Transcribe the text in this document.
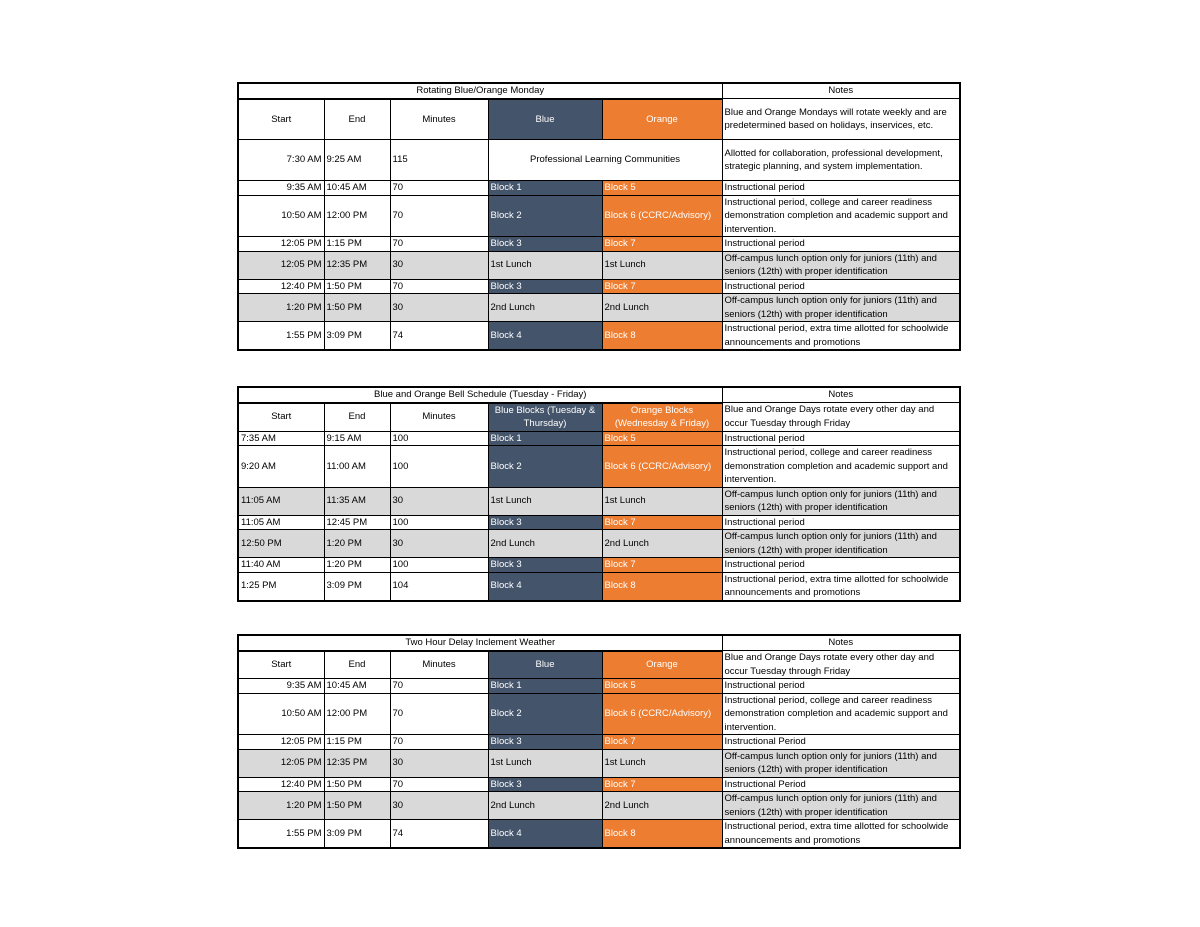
Rotating Blue/Orange Monday					Notes
Start	End	Minutes	Blue	Orange	Blue and Orange Mondays will rotate weekly and are predetermined based on holidays, inservices, etc.
7:30 AM	9:25 AM	115	Professional Learning Communities		Allotted for collaboration, professional development, strategic planning, and system implementation.
9:35 AM	10:45 AM	70	Block 1	Block 5	Instructional period
10:50 AM	12:00 PM	70	Block 2	Block 6 (CCRC/Advisory)	Instructional period, college and career readiness demonstration completion and academic support and intervention.
12:05 PM	1:15 PM	70	Block 3	Block 7	Instructional period
12:05 PM	12:35 PM	30	1st Lunch	1st Lunch	Off-campus lunch option only for juniors (11th) and seniors (12th) with proper identification
12:40 PM	1:50 PM	70	Block 3	Block 7	Instructional period
1:20 PM	1:50 PM	30	2nd Lunch	2nd Lunch	Off-campus lunch option only for juniors (11th) and seniors (12th) with proper identification
1:55 PM	3:09 PM	74	Block 4	Block 8	Instructional period, extra time allotted for schoolwide announcements and promotions
Blue and Orange Bell Schedule (Tuesday - Friday)					Notes
Start	End	Minutes	Blue Blocks (Tuesday & Thursday)	Orange Blocks (Wednesday & Friday)	Blue and Orange Days rotate every other day and occur Tuesday through Friday
7:35 AM	9:15 AM	100	Block 1	Block 5	Instructional period
9:20 AM	11:00 AM	100	Block 2	Block 6 (CCRC/Advisory)	Instructional period, college and career readiness demonstration completion and academic support and intervention.
11:05 AM	11:35 AM	30	1st Lunch	1st Lunch	Off-campus lunch option only for juniors (11th) and seniors (12th) with proper identification
11:05 AM	12:45 PM	100	Block 3	Block 7	Instructional period
12:50 PM	1:20 PM	30	2nd Lunch	2nd Lunch	Off-campus lunch option only for juniors (11th) and seniors (12th) with proper identification
11:40 AM	1:20 PM	100	Block 3	Block 7	Instructional period
1:25 PM	3:09 PM	104	Block 4	Block 8	Instructional period, extra time allotted for schoolwide announcements and promotions
Two Hour Delay Inclement Weather					Notes
Start	End	Minutes	Blue	Orange	Blue and Orange Days rotate every other day and occur Tuesday through Friday
9:35 AM	10:45 AM	70	Block 1	Block 5	Instructional period
10:50 AM	12:00 PM	70	Block 2	Block 6 (CCRC/Advisory)	Instructional period, college and career readiness demonstration completion and academic support and intervention.
12:05 PM	1:15 PM	70	Block 3	Block 7	Instructional Period
12:05 PM	12:35 PM	30	1st Lunch	1st Lunch	Off-campus lunch option only for juniors (11th) and seniors (12th) with proper identification
12:40 PM	1:50 PM	70	Block 3	Block 7	Instructional Period
1:20 PM	1:50 PM	30	2nd Lunch	2nd Lunch	Off-campus lunch option only for juniors (11th) and seniors (12th) with proper identification
1:55 PM	3:09 PM	74	Block 4	Block 8	Instructional period, extra time allotted for schoolwide announcements and promotions
